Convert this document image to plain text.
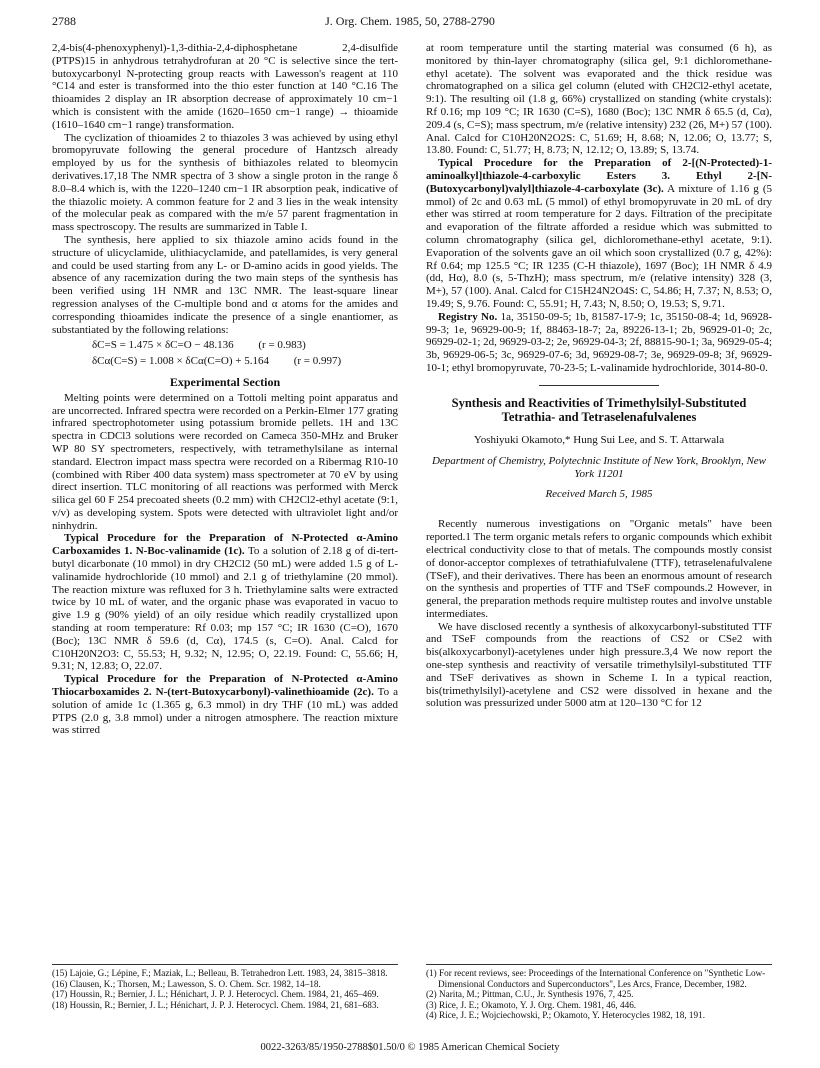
2788	J. Org. Chem. 1985, 50, 2788-2790

2,4-bis(4-phenoxyphenyl)-1,3-dithia-2,4-diphosphetane 2,4-disulfide (PTPS)15 in anhydrous tetrahydrofuran at 20 °C is selective since the tert-butoxycarbonyl N-protecting group reacts with Lawesson's reagent at 110 °C14 and ester is transformed into the thio ester function at 140 °C.16 The thioamides 2 display an IR absorption decrease of approximately 10 cm−1 which is consistent with the amide (1620–1650 cm−1 range) → thioamide (1610–1640 cm−1 range) transformation.

The cyclization of thioamides 2 to thiazoles 3 was achieved by using ethyl bromopyruvate following the general procedure of Hantzsch already employed by us for the synthesis of bithiazoles related to bleomycin derivatives.17,18 The NMR spectra of 3 show a single proton in the range δ 8.0–8.4 which is, with the 1220–1240 cm−1 IR absorption peak, indicative of the thiazolic moiety. A common feature for 2 and 3 lies in the weak intensity of the molecular peak as compared with the m/e 57 parent fragmentation in mass spectroscopy. The results are summarized in Table I.

The synthesis, here applied to six thiazole amino acids found in the structure of ulicyclamide, ulithiacyclamide, and patellamides, is very general and could be used starting from any L- or D-amino acids in good yields. The absence of any racemization during the two main steps of the synthesis has been verified using 1H NMR and 13C NMR. The least-square linear regression analyses of the C-multiple bond and α atoms for the amides and corresponding thioamides indicate the presence of a single enantiomer, as substantiated by the following relations:

δC=S = 1.475 × δC=O − 48.136 (r = 0.983)
δCα(C=S) = 1.008 × δCα(C=O) + 5.164 (r = 0.997)
Experimental Section

Melting points were determined on a Tottoli melting point apparatus and are uncorrected. Infrared spectra were recorded on a Perkin-Elmer 177 grating infrared spectrophotometer using potassium bromide pellets. 1H and 13C spectra in CDCl3 solutions were recorded on Cameca 350-MHz and Bruker WP 80 SY spectrometers, respectively, with tetramethylsilane as internal standard. Electron impact mass spectra were recorded on a Ribermag R10-10 (combined with Riber 400 data system) mass spectrometer at 70 eV by using direct insertion. TLC monitoring of all reactions was performed with Merck silica gel 60 F 254 precoated sheets (0.2 mm) with CH2Cl2-ethyl acetate (9:1, v/v) as developing system. Spots were detected with ultraviolet light and/or ninhydrin.

Typical Procedure for the Preparation of N-Protected α-Amino Carboxamides 1. N-Boc-valinamide (1c). To a solution of 2.18 g of di-tert-butyl dicarbonate (10 mmol) in dry CH2Cl2 (50 mL) were added 1.5 g of L-valinamide hydrochloride (10 mmol) and 2.1 g of triethylamine (20 mmol). The reaction mixture was refluxed for 3 h. Triethylamine salts were extracted twice by 10 mL of water, and the organic phase was evaporated in vacuo to give 1.9 g (90% yield) of an oily residue which readily crystallized upon standing at room temperature: Rf 0.03; mp 157 °C; IR 1630 (C=O), 1670 (Boc); 13C NMR δ 59.6 (d, Cα), 174.5 (s, C=O). Anal. Calcd for C10H20N2O3: C, 55.53; H, 9.32; N, 12.95; O, 22.19. Found: C, 55.66; H, 9.31; N, 12.83; O, 22.07.

Typical Procedure for the Preparation of N-Protected α-Amino Thiocarboxamides 2. N-(tert-Butoxycarbonyl)-valinethioamide (2c). To a solution of amide 1c (1.365 g, 6.3 mmol) in dry THF (10 mL) was added PTPS (2.0 g, 3.8 mmol) under a nitrogen atmosphere. The reaction mixture was stirred

at room temperature until the starting material was consumed (6 h), as monitored by thin-layer chromatography (silica gel, 9:1 dichloromethane-ethyl acetate). The solvent was evaporated and the thick residue was chromatographed on a silica gel column (eluted with CH2Cl2-ethyl acetate, 9:1). The resulting oil (1.8 g, 66%) crystallized on standing (white crystals): Rf 0.16; mp 109 °C; IR 1630 (C=S), 1680 (Boc); 13C NMR δ 65.5 (d, Cα), 209.4 (s, C=S); mass spectrum, m/e (relative intensity) 232 (26, M+) 57 (100). Anal. Calcd for C10H20N2O2S: C, 51.69; H, 8.68; N, 12.06; O, 13.77; S, 13.80. Found: C, 51.77; H, 8.73; N, 12.12; O, 13.89; S, 13.74.

Typical Procedure for the Preparation of 2-[(N-Protected)-1-aminoalkyl]thiazole-4-carboxylic Esters 3. Ethyl 2-[N-(Butoxycarbonyl)valyl]thiazole-4-carboxylate (3c). A mixture of 1.16 g (5 mmol) of 2c and 0.63 mL (5 mmol) of ethyl bromopyruvate in 20 mL of dry ether was stirred at room temperature for 2 days. Filtration of the precipitate and evaporation of the filtrate afforded a residue which was submitted to column chromatography (silica gel, dichloromethane-ethyl acetate, 9:1). Evaporation of the solvents gave an oil which soon crystallized (0.7 g, 42%): Rf 0.64; mp 125.5 °C; IR 1235 (C-H thiazole), 1697 (Boc); 1H NMR δ 4.9 (dd, Hα), 8.0 (s, 5-ThzH); mass spectrum, m/e (relative intensity) 328 (3, M+), 57 (100). Anal. Calcd for C15H24N2O4S: C, 54.86; H, 7.37; N, 8.53; O, 19.49; S, 9.76. Found: C, 55.91; H, 7.43; N, 8.50; O, 19.53; S, 9.71.

Registry No. 1a, 35150-09-5; 1b, 81587-17-9; 1c, 35150-08-4; 1d, 96928-99-3; 1e, 96929-00-9; 1f, 88463-18-7; 2a, 89226-13-1; 2b, 96929-01-0; 2c, 96929-02-1; 2d, 96929-03-2; 2e, 96929-04-3; 2f, 88815-90-1; 3a, 96929-05-4; 3b, 96929-06-5; 3c, 96929-07-6; 3d, 96929-08-7; 3e, 96929-09-8; 3f, 96929-10-1; ethyl bromopyruvate, 70-23-5; L-valinamide hydrochloride, 3014-80-0.

Synthesis and Reactivities of Trimethylsilyl-Substituted Tetrathia- and Tetraselenafulvalenes
Yoshiyuki Okamoto,* Hung Sui Lee, and S. T. Attarwala
Department of Chemistry, Polytechnic Institute of New York, Brooklyn, New York 11201
Received March 5, 1985

Recently numerous investigations on "Organic metals" have been reported.1 The term organic metals refers to organic compounds which exhibit electrical conductivity close to that of metals. The compounds mostly consist of donor-acceptor complexes of tetrathiafulvalene (TTF), tetraselenafulvalene (TSeF), and their derivatives. There has been an enormous amount of research on the synthesis and properties of TTF and TSeF compounds.2 However, in general, the preparation methods require multistep routes and involve unstable intermediates.

We have disclosed recently a synthesis of alkoxycarbonyl-substituted TTF and TSeF compounds from the reactions of CS2 or CSe2 with bis(alkoxycarbonyl)-acetylenes under high pressure.3,4 We now report the one-step synthesis and reactivity of versatile trimethylsilyl-substituted TTF and TSeF derivatives as shown in Scheme I. In a typical reaction, bis(trimethylsilyl)-acetylene and CS2 were dissolved in hexane and the solution was pressurized under 5000 atm at 120–130 °C for 12

(15) Lajoie, G.; Lépine, F.; Maziak, L.; Belleau, B. Tetrahedron Lett. 1983, 24, 3815–3818.
(16) Clausen, K.; Thorsen, M.; Lawesson, S. O. Chem. Scr. 1982, 14–18.
(17) Houssin, R.; Bernier, J. L.; Hénichart, J. P. J. Heterocycl. Chem. 1984, 21, 465–469.
(18) Houssin, R.; Bernier, J. L.; Hénichart, J. P. J. Heterocycl. Chem. 1984, 21, 681–683.
(1) For recent reviews, see: Proceedings of the International Conference on "Synthetic Low-Dimensional Conductors and Superconductors", Les Arcs, France, December, 1982.
(2) Narita, M.; Pittman, C.U., Jr. Synthesis 1976, 7, 425.
(3) Rice, J. E.; Okamoto, Y. J. Org. Chem. 1981, 46, 446.
(4) Rice, J. E.; Wojciechowski, P.; Okamoto, Y. Heterocycles 1982, 18, 191.
0022-3263/85/1950-2788$01.50/0 © 1985 American Chemical Society
